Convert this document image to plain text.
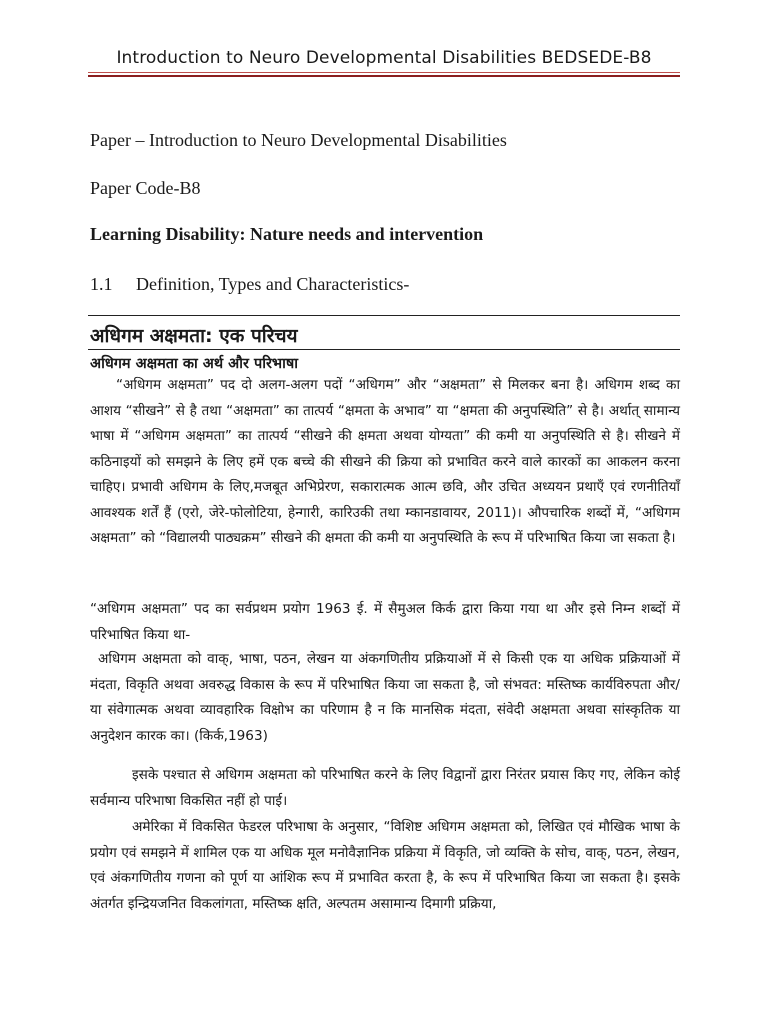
Introduction to Neuro Developmental Disabilities BEDSEDE-B8
Paper – Introduction to Neuro Developmental Disabilities
Paper Code-B8
Learning Disability: Nature needs and intervention
1.1 Definition, Types and Characteristics-
अधिगम अक्षमता: एक परिचय
अधिगम अक्षमता का अर्थ और परिभाषा

“अधिगम अक्षमता” पद दो अलग-अलग पदों “अधिगम” और “अक्षमता” से मिलकर बना है। अधिगम शब्द का आशय “सीखने” से है तथा “अक्षमता” का तात्पर्य “क्षमता के अभाव” या “क्षमता की अनुपस्थिति” से है। अर्थात् सामान्य भाषा में “अधिगम अक्षमता” का तात्पर्य “सीखने की क्षमता अथवा योग्यता” की कमी या अनुपस्थिति से है। सीखने में कठिनाइयों को समझने के लिए हमें एक बच्चे की सीखने की क्रिया को प्रभावित करने वाले कारकों का आकलन करना चाहिए। प्रभावी अधिगम के लिए,मजबूत अभिप्रेरण, सकारात्मक आत्म छवि, और उचित अध्ययन प्रथाएँ एवं रणनीतियाँ आवश्यक शर्तें हैं (एरो, जेरे-फोलोटिया, हेन्गारी, कारिउकी तथा म्कानडावायर, 2011)। औपचारिक शब्दों में, “अधिगम अक्षमता” को “विद्यालयी पाठ्यक्रम” सीखने की क्षमता की कमी या अनुपस्थिति के रूप में परिभाषित किया जा सकता है।

“अधिगम अक्षमता” पद का सर्वप्रथम प्रयोग 1963 ई. में सैमुअल किर्क द्वारा किया गया था और इसे निम्न शब्दों में परिभाषित किया था-

अधिगम अक्षमता को वाक्, भाषा, पठन, लेखन या अंकगणितीय प्रक्रियाओं में से किसी एक या अधिक प्रक्रियाओं में मंदता, विकृति अथवा अवरुद्ध विकास के रूप में परिभाषित किया जा सकता है, जो संभवत: मस्तिष्क कार्यविरुपता और/या संवेगात्मक अथवा व्यावहारिक विक्षोभ का परिणाम है न कि मानसिक मंदता, संवेदी अक्षमता अथवा सांस्कृतिक या अनुदेशन कारक का। (किर्क,1963)

इसके पश्चात से अधिगम अक्षमता को परिभाषित करने के लिए विद्वानों द्वारा निरंतर प्रयास किए गए, लेकिन कोई सर्वमान्य परिभाषा विकसित नहीं हो पाई।

अमेरिका में विकसित फेडरल परिभाषा के अनुसार, “विशिष्ट अधिगम अक्षमता को, लिखित एवं मौखिक भाषा के प्रयोग एवं समझने में शामिल एक या अधिक मूल मनोवैज्ञानिक प्रक्रिया में विकृति, जो व्यक्ति के सोच, वाक्, पठन, लेखन, एवं अंकगणितीय गणना को पूर्ण या आंशिक रूप में प्रभावित करता है, के रूप में परिभाषित किया जा सकता है। इसके अंतर्गत इन्द्रियजनित विकलांगता, मस्तिष्क क्षति, अल्पतम असामान्य दिमागी प्रक्रिया,
